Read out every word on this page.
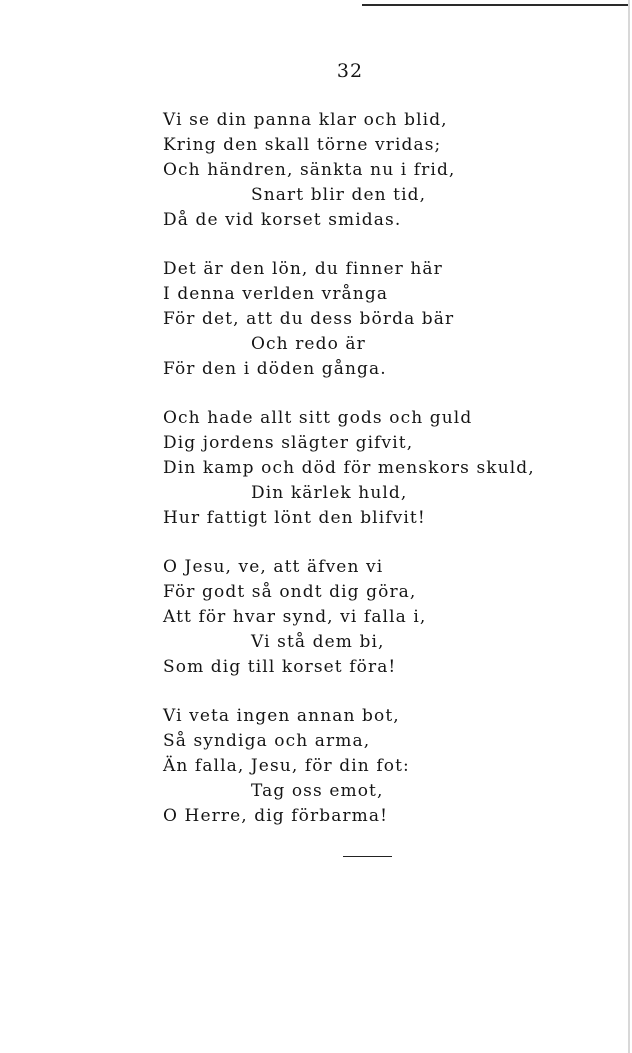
32
Vi se din panna klar och blid,
Kring den skall törne vridas;
Och händren, sänkta nu i frid,
Snart blir den tid,
Då de vid korset smidas.
Det är den lön, du finner här
I denna verlden vrånga
För det, att du dess börda bär
Och redo är
För den i döden gånga.
Och hade allt sitt gods och guld
Dig jordens slägter gifvit,
Din kamp och död för menskors skuld,
Din kärlek huld,
Hur fattigt lönt den blifvit!
O Jesu, ve, att äfven vi
För godt så ondt dig göra,
Att för hvar synd, vi falla i,
Vi stå dem bi,
Som dig till korset föra!
Vi veta ingen annan bot,
Så syndiga och arma,
Än falla, Jesu, för din fot:
Tag oss emot,
O Herre, dig förbarma!
